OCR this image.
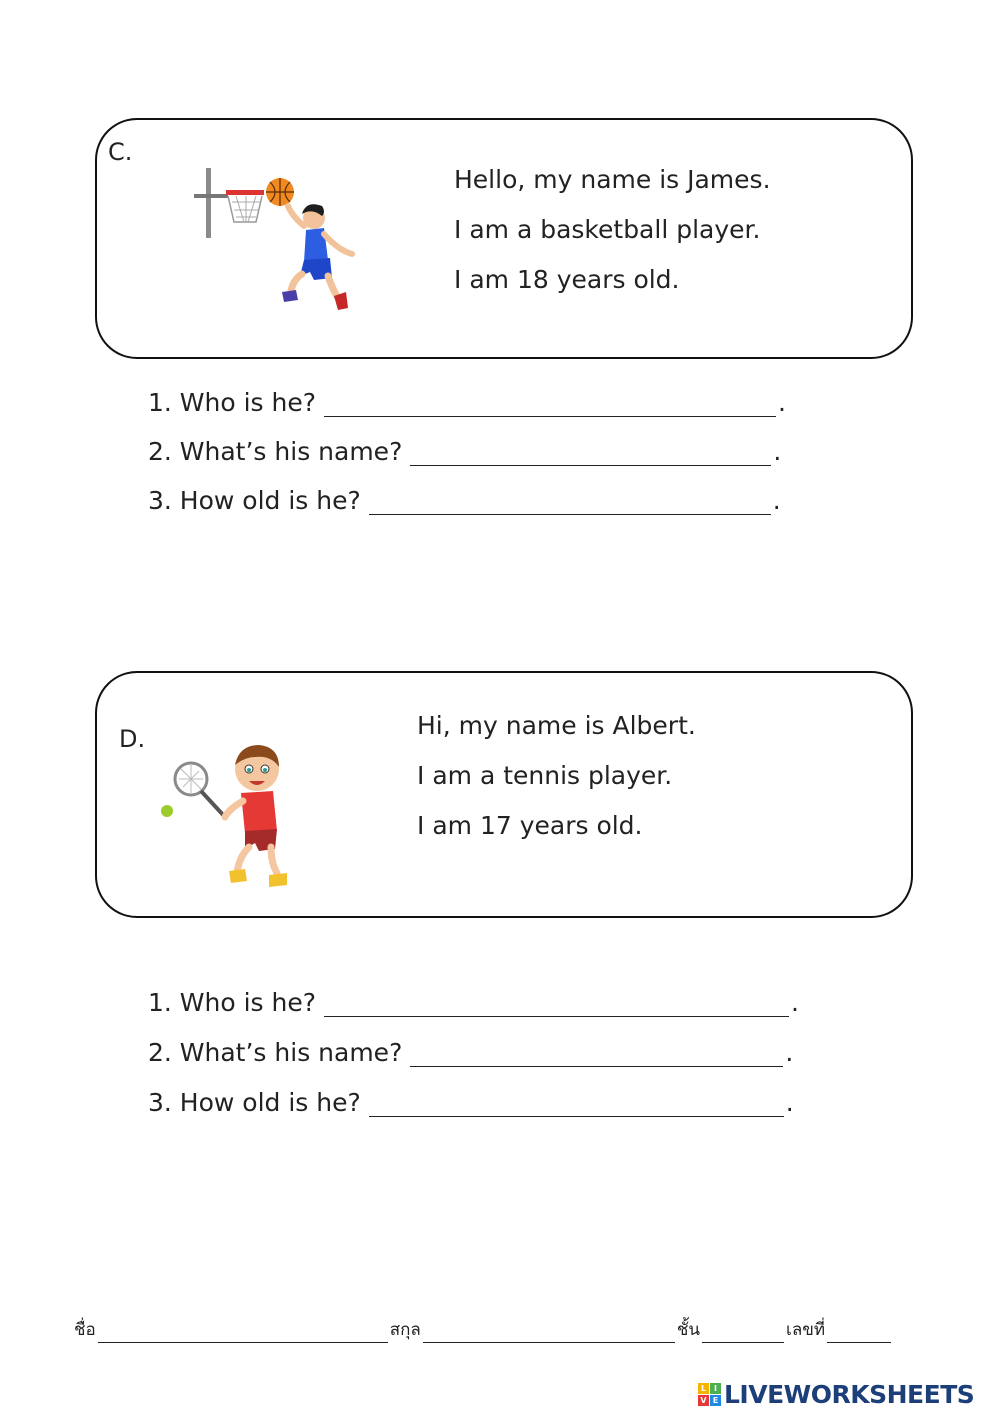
C.
Hello, my name is James.
I am a basketball player.
I am 18 years old.
1. Who is he?	.
2. What’s his name?	.
3. How old is he?	.
D.	Hi, my name is Albert.
I am a tennis player.
I am 17 years old.
1. Who is he?	.
2. What’s his name?	.
3. How old is he?	.
ชื่อ	สกุล	ชั้น	เลขที่
L I
V E LIVEWORKSHEETS
